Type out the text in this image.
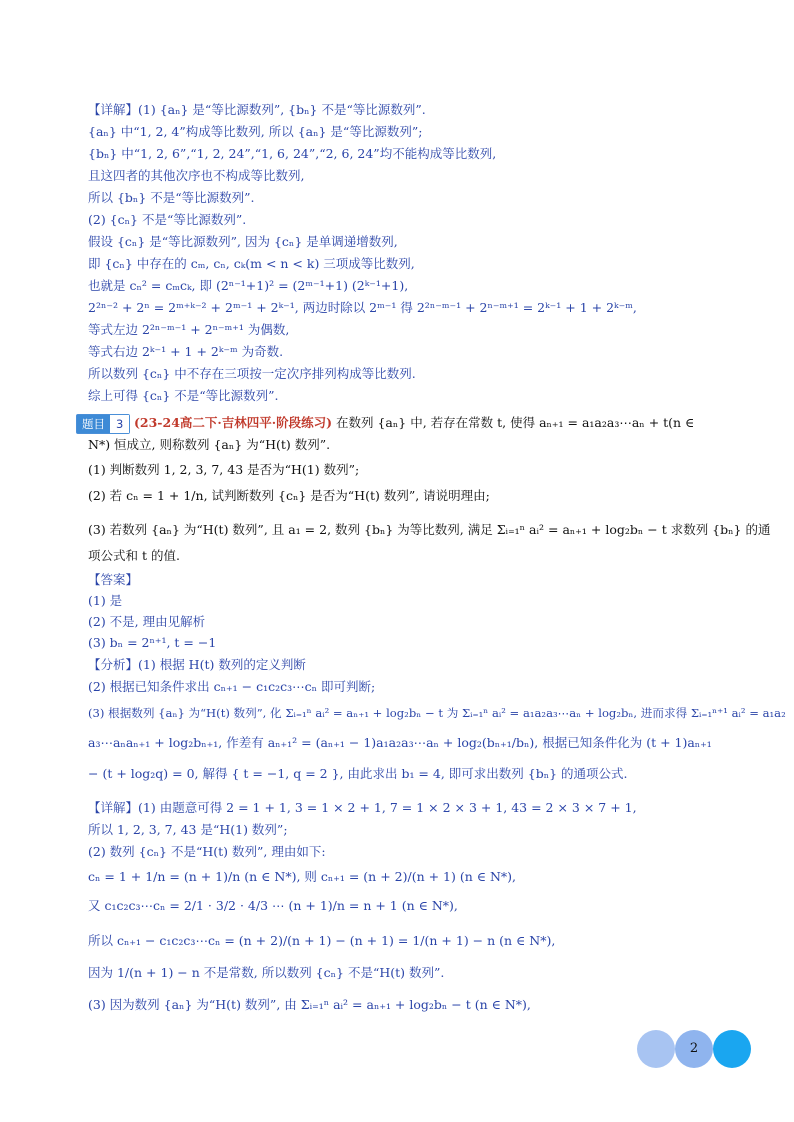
【详解】(1) {aₙ} 是“等比源数列”, {bₙ} 不是“等比源数列”.
{aₙ} 中“1, 2, 4”构成等比数列, 所以 {aₙ} 是“等比源数列”;
{bₙ} 中“1, 2, 6”,“1, 2, 24”,“1, 6, 24”,“2, 6, 24”均不能构成等比数列,
且这四者的其他次序也不构成等比数列,
所以 {bₙ} 不是“等比源数列”.
(2) {cₙ} 不是“等比源数列”.
假设 {cₙ} 是“等比源数列”, 因为 {cₙ} 是单调递增数列,
即 {cₙ} 中存在的 cₘ, cₙ, cₖ(m < n < k) 三项成等比数列,
也就是 cₙ² = cₘcₖ, 即 (2ⁿ⁻¹+1)² = (2ᵐ⁻¹+1) (2ᵏ⁻¹+1),
2²ⁿ⁻² + 2ⁿ = 2ᵐ⁺ᵏ⁻² + 2ᵐ⁻¹ + 2ᵏ⁻¹, 两边时除以 2ᵐ⁻¹ 得 2²ⁿ⁻ᵐ⁻¹ + 2ⁿ⁻ᵐ⁺¹ = 2ᵏ⁻¹ + 1 + 2ᵏ⁻ᵐ,
等式左边 2²ⁿ⁻ᵐ⁻¹ + 2ⁿ⁻ᵐ⁺¹ 为偶数,
等式右边 2ᵏ⁻¹ + 1 + 2ᵏ⁻ᵐ 为奇数.
所以数列 {cₙ} 中不存在三项按一定次序排列构成等比数列.
综上可得 {cₙ} 不是“等比源数列”.
题目 3 (23-24高二下·吉林四平·阶段练习) 在数列 {aₙ} 中, 若存在常数 t, 使得 aₙ₊₁ = a₁a₂a₃⋯aₙ + t(n ∈
N*) 恒成立, 则称数列 {aₙ} 为“H(t) 数列”.
(1) 判断数列 1, 2, 3, 7, 43 是否为“H(1) 数列”;
(2) 若 cₙ = 1 + 1/n, 试判断数列 {cₙ} 是否为“H(t) 数列”, 请说明理由;
(3) 若数列 {aₙ} 为“H(t) 数列”, 且 a₁ = 2, 数列 {bₙ} 为等比数列, 满足 Σᵢ₌₁ⁿ aᵢ² = aₙ₊₁ + log₂bₙ − t 求数列 {bₙ} 的通
项公式和 t 的值.
【答案】
(1) 是
(2) 不是, 理由见解析
(3) bₙ = 2ⁿ⁺¹, t = −1
【分析】(1) 根据 H(t) 数列的定义判断
(2) 根据已知条件求出 cₙ₊₁ − c₁c₂c₃⋯cₙ 即可判断;
(3) 根据数列 {aₙ} 为“H(t) 数列”, 化 Σᵢ₌₁ⁿ aᵢ² = aₙ₊₁ + log₂bₙ − t 为 Σᵢ₌₁ⁿ aᵢ² = a₁a₂a₃⋯aₙ + log₂bₙ, 进而求得 Σᵢ₌₁ⁿ⁺¹ aᵢ² = a₁a₂
a₃⋯aₙaₙ₊₁ + log₂bₙ₊₁, 作差有 aₙ₊₁² = (aₙ₊₁ − 1)a₁a₂a₃⋯aₙ + log₂(bₙ₊₁/bₙ), 根据已知条件化为 (t + 1)aₙ₊₁
− (t + log₂q) = 0, 解得 { t = −1, q = 2 }, 由此求出 b₁ = 4, 即可求出数列 {bₙ} 的通项公式.
【详解】(1) 由题意可得 2 = 1 + 1, 3 = 1 × 2 + 1, 7 = 1 × 2 × 3 + 1, 43 = 2 × 3 × 7 + 1,
所以 1, 2, 3, 7, 43 是“H(1) 数列”;
(2) 数列 {cₙ} 不是“H(t) 数列”, 理由如下:
cₙ = 1 + 1/n = (n + 1)/n (n ∈ N*), 则 cₙ₊₁ = (n + 2)/(n + 1) (n ∈ N*),
又 c₁c₂c₃⋯cₙ = 2/1 · 3/2 · 4/3 ⋯ (n + 1)/n = n + 1 (n ∈ N*),
所以 cₙ₊₁ − c₁c₂c₃⋯cₙ = (n + 2)/(n + 1) − (n + 1) = 1/(n + 1) − n (n ∈ N*),
因为 1/(n + 1) − n 不是常数, 所以数列 {cₙ} 不是“H(t) 数列”.
(3) 因为数列 {aₙ} 为“H(t) 数列”, 由 Σᵢ₌₁ⁿ aᵢ² = aₙ₊₁ + log₂bₙ − t (n ∈ N*),
2
